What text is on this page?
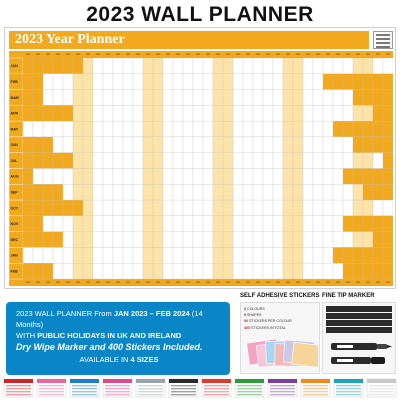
2023 WALL PLANNER
2023 Year Planner
JAN
FEB
MAR
APR
MAY
JUN
JUL
AUG
SEP
OCT
NOV
DEC
JAN
FEB
2023 WALL PLANNER From JAN 2023 – FEB 2024 (14 Months)
WITH PUBLIC HOLIDAYS IN UK AND IRELAND
Dry Wipe Marker and 400 Stickers Included.
AVAILABLE IN 4 SIZES
SELF ADHESIVE STICKERS
8 COLOURS
8 SHAPES
50 STICKERS PER COLOUR
400 STICKERS IN TOTAL
FINE TIP MARKER
